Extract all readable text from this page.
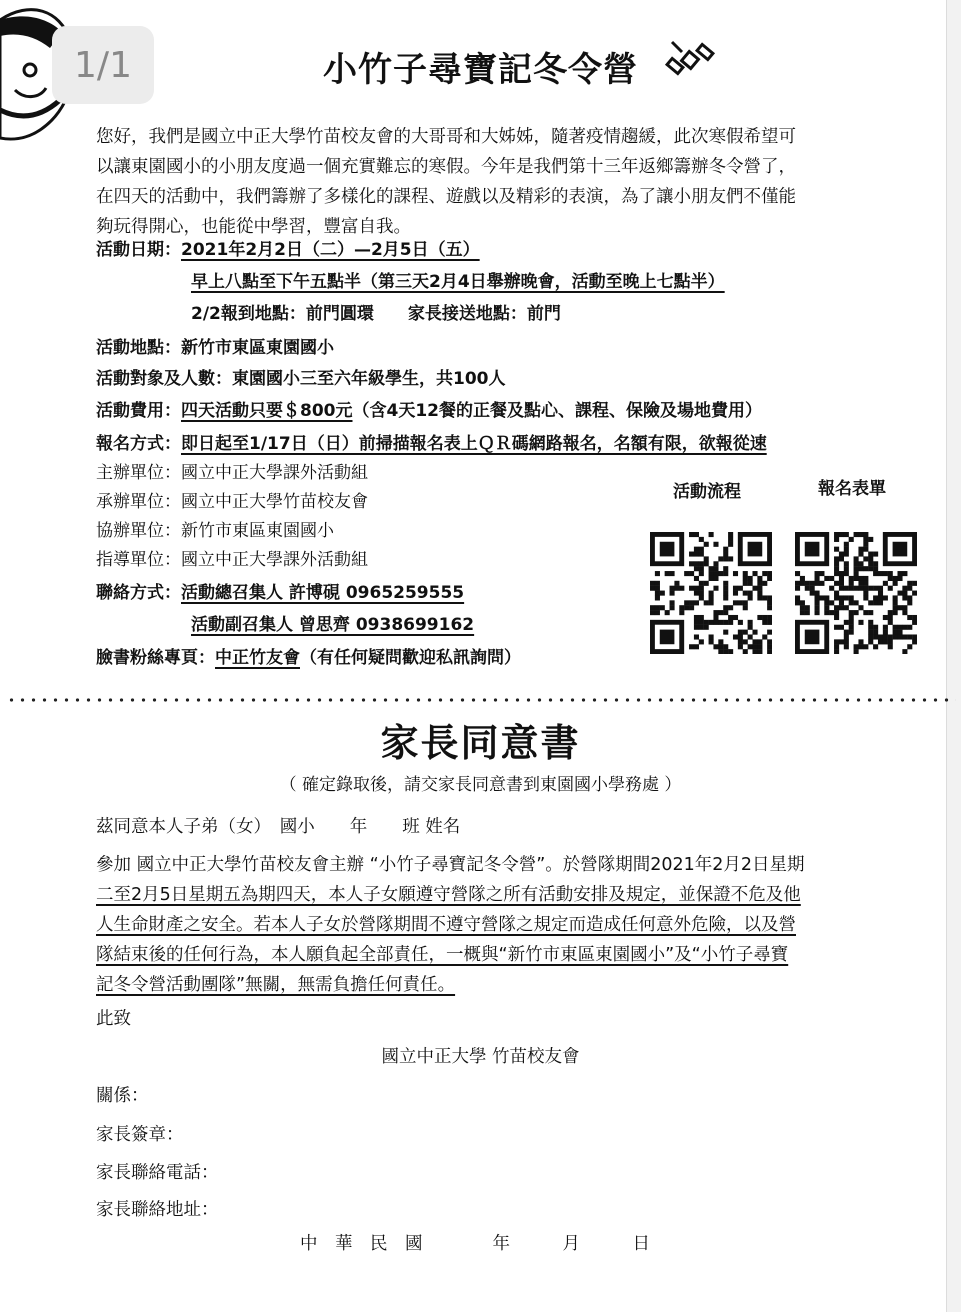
1/1	小竹子尋寶記冬令營
您好，我們是國立中正大學竹苗校友會的大哥哥和大姊姊，隨著疫情趨緩，此次寒假希望可
以讓東園國小的小朋友度過一個充實難忘的寒假。今年是我們第十三年返鄉籌辦冬令營了，
在四天的活動中，我們籌辦了多樣化的課程、遊戲以及精彩的表演，為了讓小朋友們不僅能
夠玩得開心，也能從中學習，豐富自我。
活動日期：2021年2月2日（二）—2月5日（五）
早上八點至下午五點半（第三天2月4日舉辦晚會，活動至晚上七點半）
2/2報到地點：前門圓環　　家長接送地點：前門
活動地點：新竹市東區東園國小
活動對象及人數：東園國小三至六年級學生，共100人
活動費用：四天活動只要＄800元（含4天12餐的正餐及點心、課程、保險及場地費用）
報名方式：即日起至1/17日（日）前掃描報名表上ＱＲ碼網路報名，名額有限，欲報從速
主辦單位：國立中正大學課外活動組
承辦單位：國立中正大學竹苗校友會
協辦單位：新竹市東區東園國小
指導單位：國立中正大學課外活動組
聯絡方式：活動總召集人 許博硯 0965259555
活動副召集人 曾思齊 0938699162
臉書粉絲專頁：中正竹友會（有任何疑問歡迎私訊詢問）
活動流程	報名表單
家長同意書
（ 確定錄取後，請交家長同意書到東園國小學務處 ）
茲同意本人子弟（女）　國小　　年　　班 姓名
參加 國立中正大學竹苗校友會主辦 “小竹子尋寶記冬令營”。於營隊期間2021年2月2日星期
二至2月5日星期五為期四天，本人子女願遵守營隊之所有活動安排及規定，並保證不危及他 人生命財產之安全。若本人子女於營隊期間不遵守營隊之規定而造成任何意外危險，以及營 隊結束後的任何行為，本人願負起全部責任，一概與“新竹市東區東園國小”及“小竹子尋寶 記冬令營活動團隊”無關，無需負擔任何責任。
此致
國立中正大學 竹苗校友會
關係：
家長簽章：
家長聯絡電話：
家長聯絡地址：
中　華　民　國　　　　年　　　月　　　日
